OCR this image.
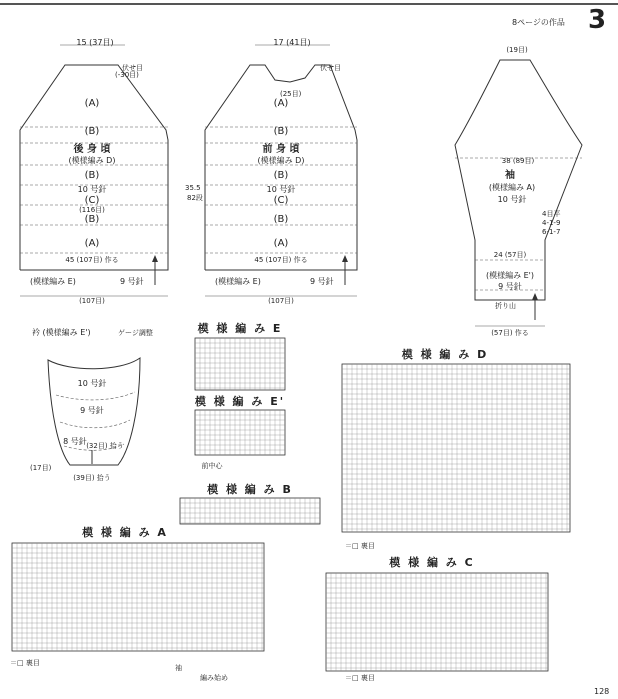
8ページの作品 3
15 (37目)
(-30目)
伏せ目
(A)
(B)
後 身 頃
(模様編み D)
(B)
10 号針
(C)
(116目)
(B)
(A)
45 (107目) 作る
(模様編み E)	9 号針
(107目)
17 (41目)
(25目)
伏せ目
(A)
(B)
前 身 頃
(模様編み D)
(B)
10 号針
(C)
(B)
(A)
45 (107目) 作る
(模様編み E)	9 号針
(107目)
35.5
82段
(19目)
38 (89目)
袖
(模様編み A)
10 号針
4目平
4-1-9
6-1-7
24 (57目)
(模様編み E')
9 号針
折り山
(57目) 作る
衿 (模様編み E')	ゲージ調整
10 号針
9 号針
8 号針 (32目) 拾う
(39目) 拾う
(17目)
模 様 編 み E
模 様 編 み E'
模 様 編 み B
模 様 編 み A
模 様 編 み D
模 様 編 み C
前中心
編み始め
袖
＝□ 裏目
＝□ 裏目
＝□ 裏目
128
